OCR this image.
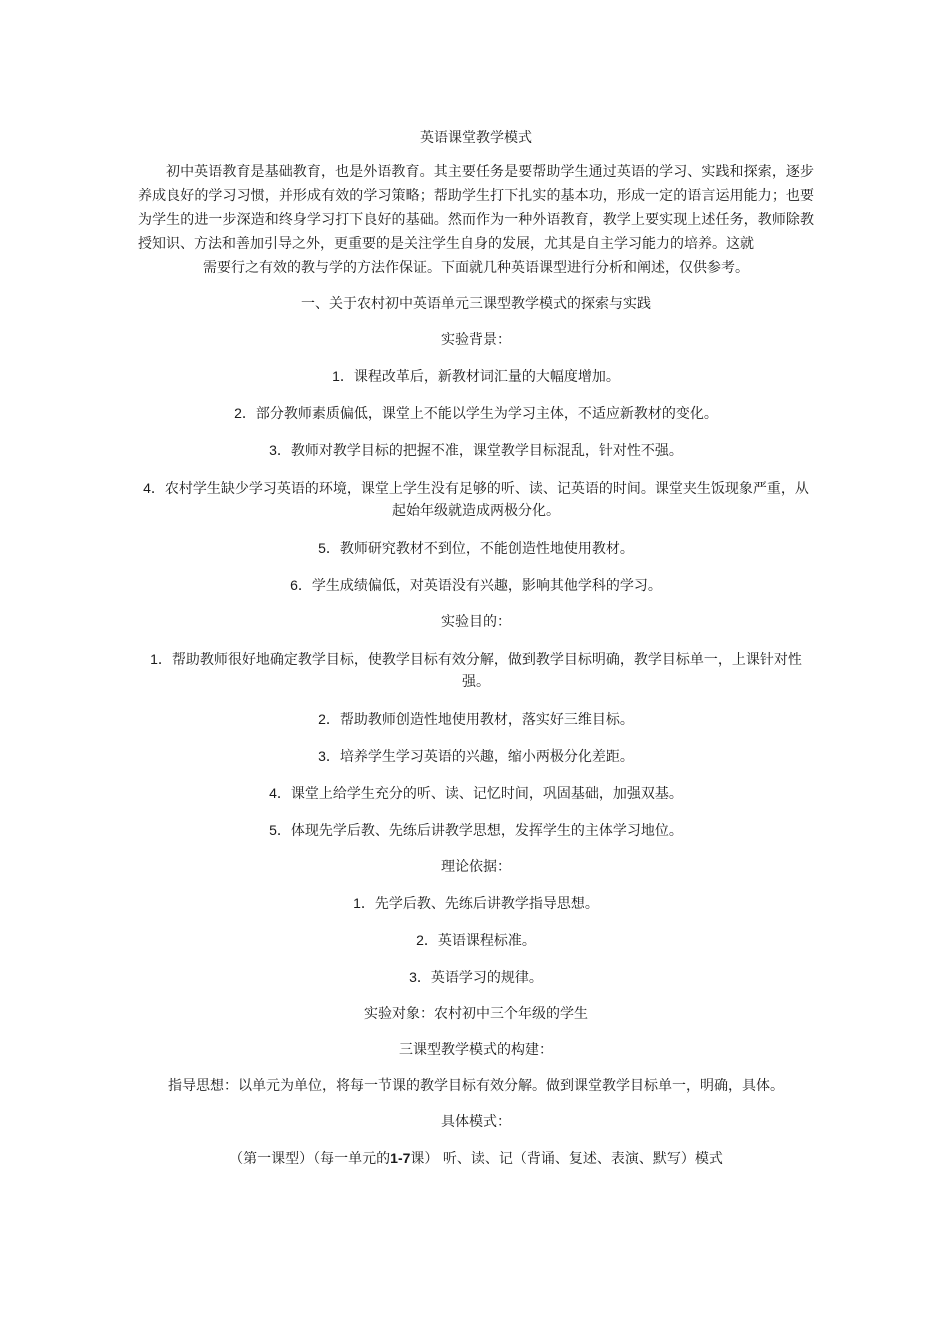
英语课堂教学模式

初中英语教育是基础教育，也是外语教育。其主要任务是要帮助学生通过英语的学习、实践和探索，逐步养成良好的学习习惯，并形成有效的学习策略；帮助学生打下扎实的基本功，形成一定的语言运用能力；也要为学生的进一步深造和终身学习打下良好的基础。然而作为一种外语教育，教学上要实现上述任务，教师除教授知识、方法和善加引导之外，更重要的是关注学生自身的发展，尤其是自主学习能力的培养。这就

需要行之有效的教与学的方法作保证。下面就几种英语课型进行分析和阐述，仅供参考。
一、关于农村初中英语单元三课型教学模式的探索与实践
实验背景：
1．课程改革后，新教材词汇量的大幅度增加。
2．部分教师素质偏低，课堂上不能以学生为学习主体，不适应新教材的变化。
3．教师对教学目标的把握不准，课堂教学目标混乱，针对性不强。
4．农村学生缺少学习英语的环境，课堂上学生没有足够的听、读、记英语的时间。课堂夹生饭现象严重，从起始年级就造成两极分化。
5．教师研究教材不到位，不能创造性地使用教材。
6．学生成绩偏低，对英语没有兴趣，影响其他学科的学习。
实验目的：
1．帮助教师很好地确定教学目标，使教学目标有效分解，做到教学目标明确，教学目标单一，上课针对性强。
2．帮助教师创造性地使用教材，落实好三维目标。
3．培养学生学习英语的兴趣，缩小两极分化差距。
4．课堂上给学生充分的听、读、记忆时间，巩固基础，加强双基。
5．体现先学后教、先练后讲教学思想，发挥学生的主体学习地位。
理论依据：
1．先学后教、先练后讲教学指导思想。
2．英语课程标准。
3．英语学习的规律。
实验对象：农村初中三个年级的学生
三课型教学模式的构建：
指导思想：以单元为单位，将每一节课的教学目标有效分解。做到课堂教学目标单一，明确，具体。
具体模式：
（第一课型）（每一单元的1-7课） 听、读、记（背诵、复述、表演、默写）模式
